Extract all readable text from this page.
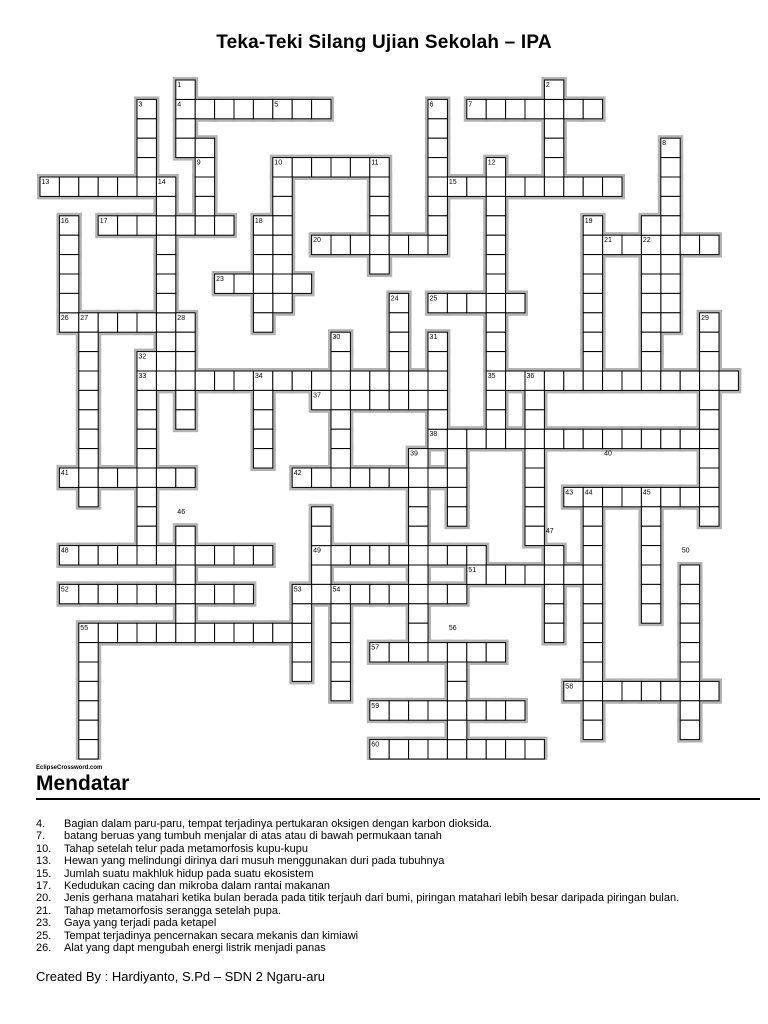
Teka-Teki Silang Ujian Sekolah – IPA
1	2
3	4	5	6	7
8
9	10	11	12
13	14	15
16	17	18	19
20	21	22
23
24	25
26 27	28	29
30	31
32
33	34	35	36
37
38
39	40
41	42
43 44	45
46
47
48	49	50
51
52	53	54
55	56
57
58
59
60
EclipseCrossword.com
Mendatar
4.	Bagian dalam paru-paru, tempat terjadinya pertukaran oksigen dengan karbon dioksida.
7.	batang beruas yang tumbuh menjalar di atas atau di bawah permukaan tanah
10.	Tahap setelah telur pada metamorfosis kupu-kupu
13.	Hewan yang melindungi dirinya dari musuh menggunakan duri pada tubuhnya
15.	Jumlah suatu makhluk hidup pada suatu ekosistem
17.	Kedudukan cacing dan mikroba dalam rantai makanan
20.	Jenis gerhana matahari ketika bulan berada pada titik terjauh dari bumi, piringan matahari lebih besar daripada piringan bulan.
21.	Tahap metamorfosis serangga setelah pupa.
23.	Gaya yang terjadi pada ketapel
25.	Tempat terjadinya pencernakan secara mekanis dan kimiawi
26.	Alat yang dapt mengubah energi listrik menjadi panas
Created By : Hardiyanto, S.Pd – SDN 2 Ngaru-aru
